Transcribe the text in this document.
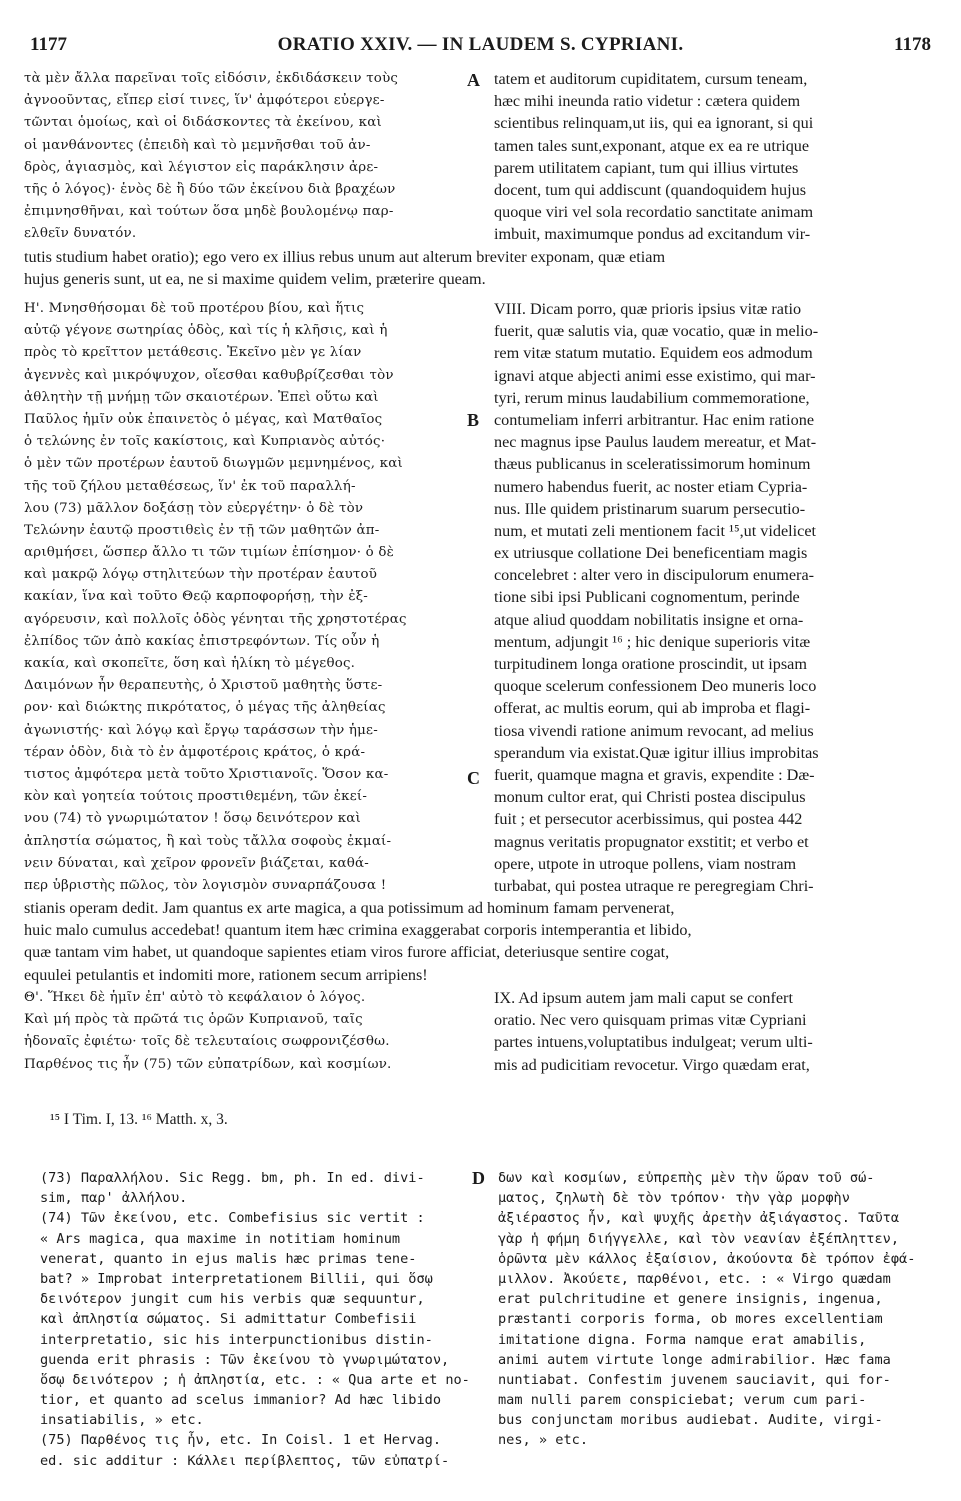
1177	ORATIO XXIV. — IN LAUDEM S. CYPRIANI.	1178
τὰ μὲν ἄλλα παρεῖναι τοῖς εἰδόσιν, ἐκδιδάσκειν τοὺς
ἀγνοοῦντας, εἴπερ εἰσί τινες, ἵν' ἀμφότεροι εὐεργε-
τῶνται ὁμοίως, καὶ οἱ διδάσκοντες τὰ ἐκείνου, καὶ
οἱ μανθάνοντες (ἐπειδὴ καὶ τὸ μεμνῆσθαι τοῦ ἀν-
δρὸς, ἁγιασμὸς, καὶ λέγιστον εἰς παράκλησιν ἀρε-
τῆς ὁ λόγος)· ἑνὸς δὲ ἢ δύο τῶν ἐκείνου διὰ βραχέων
ἐπιμνησθῆναι, καὶ τούτων ὅσα μηδὲ βουλομένῳ παρ-
ελθεῖν δυνατόν.
A tatem et auditorum cupiditatem, cursum teneam,
hæc mihi ineunda ratio videtur : cætera quidem
scientibus relinquam,ut iis, qui ea ignorant, si qui
tamen tales sunt,exponant, atque ex ea re utrique
parem utilitatem capiant, tum qui illius virtutes
docent, tum qui addiscunt (quandoquidem hujus
quoque viri vel sola recordatio sanctitate animam
imbuit, maximumque pondus ad excitandum vir-
tutis studium habet oratio); ego vero ex illius rebus unum aut alterum breviter exponam, quæ etiam
hujus generis sunt, ut ea, ne si maxime quidem velim, præterire queam.
Η'. Μνησθήσομαι δὲ τοῦ προτέρου βίου, καὶ ἥτις
αὐτῷ γέγονε σωτηρίας ὁδὸς, καὶ τίς ἡ κλῆσις, καὶ ἡ
πρὸς τὸ κρεῖττον μετάθεσις. Ἐκεῖνο μὲν γε λίαν
ἀγεννὲς καὶ μικρόψυχον, οἴεσθαι καθυβρίζεσθαι τὸν
ἀθλητὴν τῇ μνήμῃ τῶν σκαιοτέρων. Ἐπεὶ οὕτω καὶ
Παῦλος ἡμῖν οὐκ ἐπαινετὸς ὁ μέγας, καὶ Ματθαῖος
ὁ τελώνης ἐν τοῖς κακίστοις, καὶ Κυπριανὸς αὐτός·
ὁ μὲν τῶν προτέρων ἑαυτοῦ διωγμῶν μεμνημένος, καὶ
τῆς τοῦ ζήλου μεταθέσεως, ἵν' ἐκ τοῦ παραλλή-
λου (73) μᾶλλον δοξάσῃ τὸν εὐεργέτην· ὁ δὲ τὸν
Τελώνην ἑαυτῷ προστιθεὶς ἐν τῇ τῶν μαθητῶν ἀπ-
αριθμήσει, ὥσπερ ἄλλο τι τῶν τιμίων ἐπίσημον· ὁ δὲ
καὶ μακρῷ λόγῳ στηλιτεύων τὴν προτέραν ἑαυτοῦ
κακίαν, ἵνα καὶ τοῦτο Θεῷ καρποφορήσῃ, τὴν ἐξ-
αγόρευσιν, καὶ πολλοῖς ὁδὸς γένηται τῆς χρηστοτέρας
ἐλπίδος τῶν ἀπὸ κακίας ἐπιστρεφόντων. Τίς οὖν ἡ
κακία, καὶ σκοπεῖτε, ὅση καὶ ἡλίκη τὸ μέγεθος.
Δαιμόνων ἦν θεραπευτὴς, ὁ Χριστοῦ μαθητὴς ὕστε-
ρον· καὶ διώκτης πικρότατος, ὁ μέγας τῆς ἀληθείας
ἀγωνιστής· καὶ λόγῳ καὶ ἔργῳ ταράσσων τὴν ἡμε-
τέραν ὁδὸν, διὰ τὸ ἐν ἀμφοτέροις κράτος, ὁ κρά-
τιστος ἀμφότερα μετὰ τοῦτο Χριστιανοῖς. Ὅσον κα-
κὸν καὶ γοητεία τούτοις προστιθεμένη, τῶν ἐκεί-
νου (74) τὸ γνωριμώτατον ! ὅσῳ δεινότερον καὶ
ἀπληστία σώματος, ἢ καὶ τοὺς τἄλλα σοφοὺς ἐκμαί-
νειν δύναται, καὶ χεῖρον φρονεῖν βιάζεται, καθά-
περ ὑβριστὴς πῶλος, τὸν λογισμὸν συναρπάζουσα !
B
C
VIII. Dicam porro, quæ prioris ipsius vitæ ratio
fuerit, quæ salutis via, quæ vocatio, quæ in melio-
rem vitæ statum mutatio. Equidem eos admodum
ignavi atque abjecti animi esse existimo, qui mar-
tyri, rerum minus laudabilium commemoratione,
contumeliam inferri arbitrantur. Hac enim ratione
nec magnus ipse Paulus laudem mereatur, et Mat-
thæus publicanus in sceleratissimorum hominum
numero habendus fuerit, ac noster etiam Cypria-
nus. Ille quidem pristinarum suarum persecutio-
num, et mutati zeli mentionem facit ¹⁵,ut videlicet
ex utriusque collatione Dei beneficentiam magis
concelebret : alter vero in discipulorum enumera-
tione sibi ipsi Publicani cognomentum, perinde
atque aliud quoddam nobilitatis insigne et orna-
mentum, adjungit ¹⁶ ; hic denique superioris vitæ
turpitudinem longa oratione proscindit, ut ipsam
quoque scelerum confessionem Deo muneris loco
offerat, ac multis eorum, qui ab improba et flagi-
tiosa vivendi ratione animum revocant, ad melius
sperandum via existat.Quæ igitur illius improbitas
fuerit, quamque magna et gravis, expendite : Dæ-
monum cultor erat, qui Christi postea discipulus
fuit ; et persecutor acerbissimus, qui postea 442
magnus veritatis propugnator exstitit; et verbo et
opere, utpote in utroque pollens, viam nostram
turbabat, qui postea utraque re peregregiam Chri-
stianis operam dedit. Jam quantus ex arte magica, a qua potissimum ad hominum famam pervenerat,
huic malo cumulus accedebat! quantum item hæc crimina exaggerabat corporis intemperantia et libido,
quæ tantam vim habet, ut quandoque sapientes etiam viros furore afficiat, deteriusque sentire cogat,
equulei petulantis et indomiti more, rationem secum arripiens!
Θ'. Ἥκει δὲ ἡμῖν ἐπ' αὐτὸ τὸ κεφάλαιον ὁ λόγος.
Καὶ μή πρὸς τὰ πρῶτά τις ὁρῶν Κυπριανοῦ, ταῖς
ἡδοναῖς ἐφιέτω· τοῖς δὲ τελευταίοις σωφρονιζέσθω.
Παρθένος τις ἦν (75) τῶν εὐπατρίδων, καὶ κοσμίων.
IX. Ad ipsum autem jam mali caput se confert
oratio. Nec vero quisquam primas vitæ Cypriani
partes intuens,voluptatibus indulgeat; verum ulti-
mis ad pudicitiam revocetur. Virgo quædam erat,
¹⁵ I Tim. I, 13. ¹⁶ Matth. x, 3.
(73) Παραλλήλου. Sic Regg. bm, ph. In ed. divi-
sim, παρ' ἀλλήλου.
(74) Τῶν ἐκείνου, etc. Combefisius sic vertit :
« Ars magica, qua maxime in notitiam hominum
venerat, quanto in ejus malis hæc primas tene-
bat? » Improbat interpretationem Billii, qui ὅσῳ
δεινότερον jungit cum his verbis quæ sequuntur,
καὶ ἀπληστία σώματος. Si admittatur Combefisii
interpretatio, sic his interpunctionibus distin-
guenda erit phrasis : Τῶν ἐκείνου τὸ γνωριμώτατον,
ὅσῳ δεινότερον ; ἡ ἀπληστία, etc. : « Qua arte et no-
tior, et quanto ad scelus immanior? Ad hæc libido
insatiabilis, » etc.
(75) Παρθένος τις ἦν, etc. In Coisl. 1 et Hervag.
ed. sic additur : Κάλλει περίβλεπτος, τῶν εὐπατρί-
D δων καὶ κοσμίων, εὐπρεπὴς μὲν τὴν ὥραν τοῦ σώ-
ματος, ζηλωτὴ δὲ τὸν τρόπον· τὴν γὰρ μορφὴν
ἀξιέραστος ἦν, καὶ ψυχῆς ἀρετὴν ἀξιάγαστος. Ταῦτα
γὰρ ἡ φήμη διήγγελλε, καὶ τὸν νεανίαν ἐξέπληττεν,
ὁρῶντα μὲν κάλλος ἐξαίσιον, ἀκούοντα δὲ τρόπον ἐφά-
μιλλον. Ἀκούετε, παρθένοι, etc. : « Virgo quædam
erat pulchritudine et genere insignis, ingenua,
præstanti corporis forma, ob mores excellentiam
imitatione digna. Forma namque erat amabilis,
animi autem virtute longe admirabilior. Hæc fama
nuntiabat. Confestim juvenem sauciavit, qui for-
mam nulli parem conspiciebat; verum cum pari-
bus conjunctam moribus audiebat. Audite, virgi-
nes, » etc.
